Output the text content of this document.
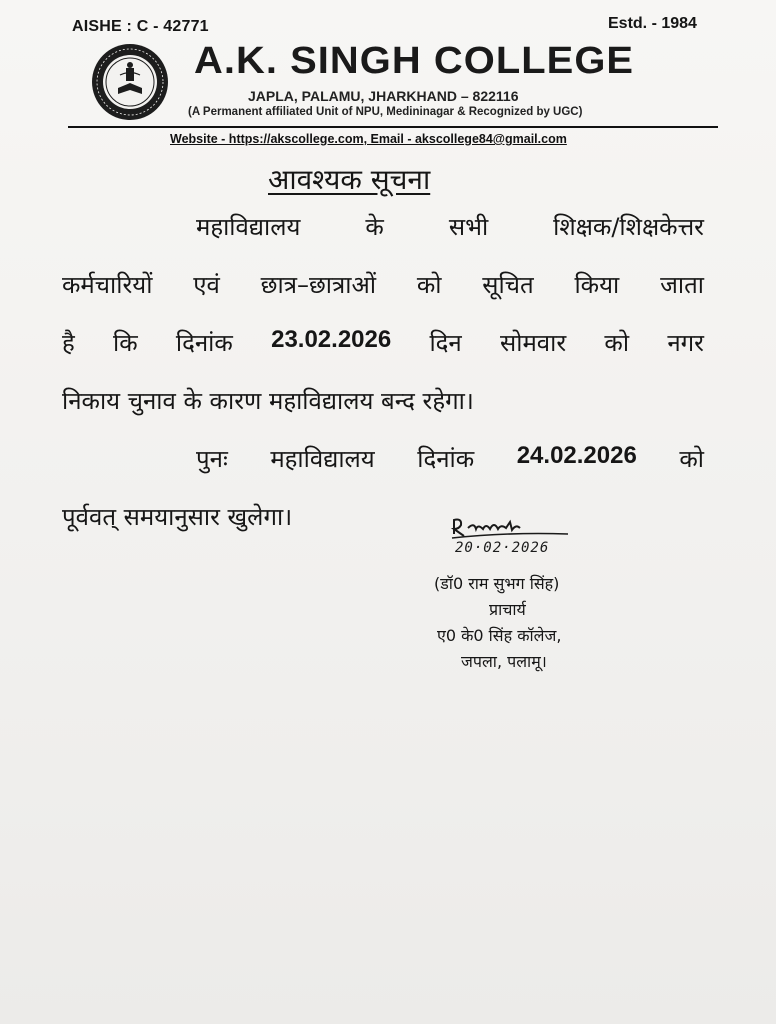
AISHE : C - 42771	Estd. - 1984
A.K. SINGH COLLEGE
JAPLA, PALAMU, JHARKHAND – 822116
(A Permanent affiliated Unit of NPU, Medininagar & Recognized by UGC)
Website - https://akscollege.com, Email - akscollege84@gmail.com
आवश्यक सूचना
महाविद्यालय	के	सभी	शिक्षक/शिक्षकेत्तर
कर्मचारियों एवं छात्र–छात्राओं को सूचित किया जाता
है कि दिनांक 23.02.2026 दिन सोमवार को नगर
निकाय चुनाव के कारण महाविद्यालय बन्द रहेगा।
पुनः महाविद्यालय दिनांक 24.02.2026 को
पूर्ववत् समयानुसार खुलेगा।
20·02·2026
(डॉ0 राम सुभग सिंह)
प्राचार्य
ए0 के0 सिंह कॉलेज,
जपला, पलामू।
